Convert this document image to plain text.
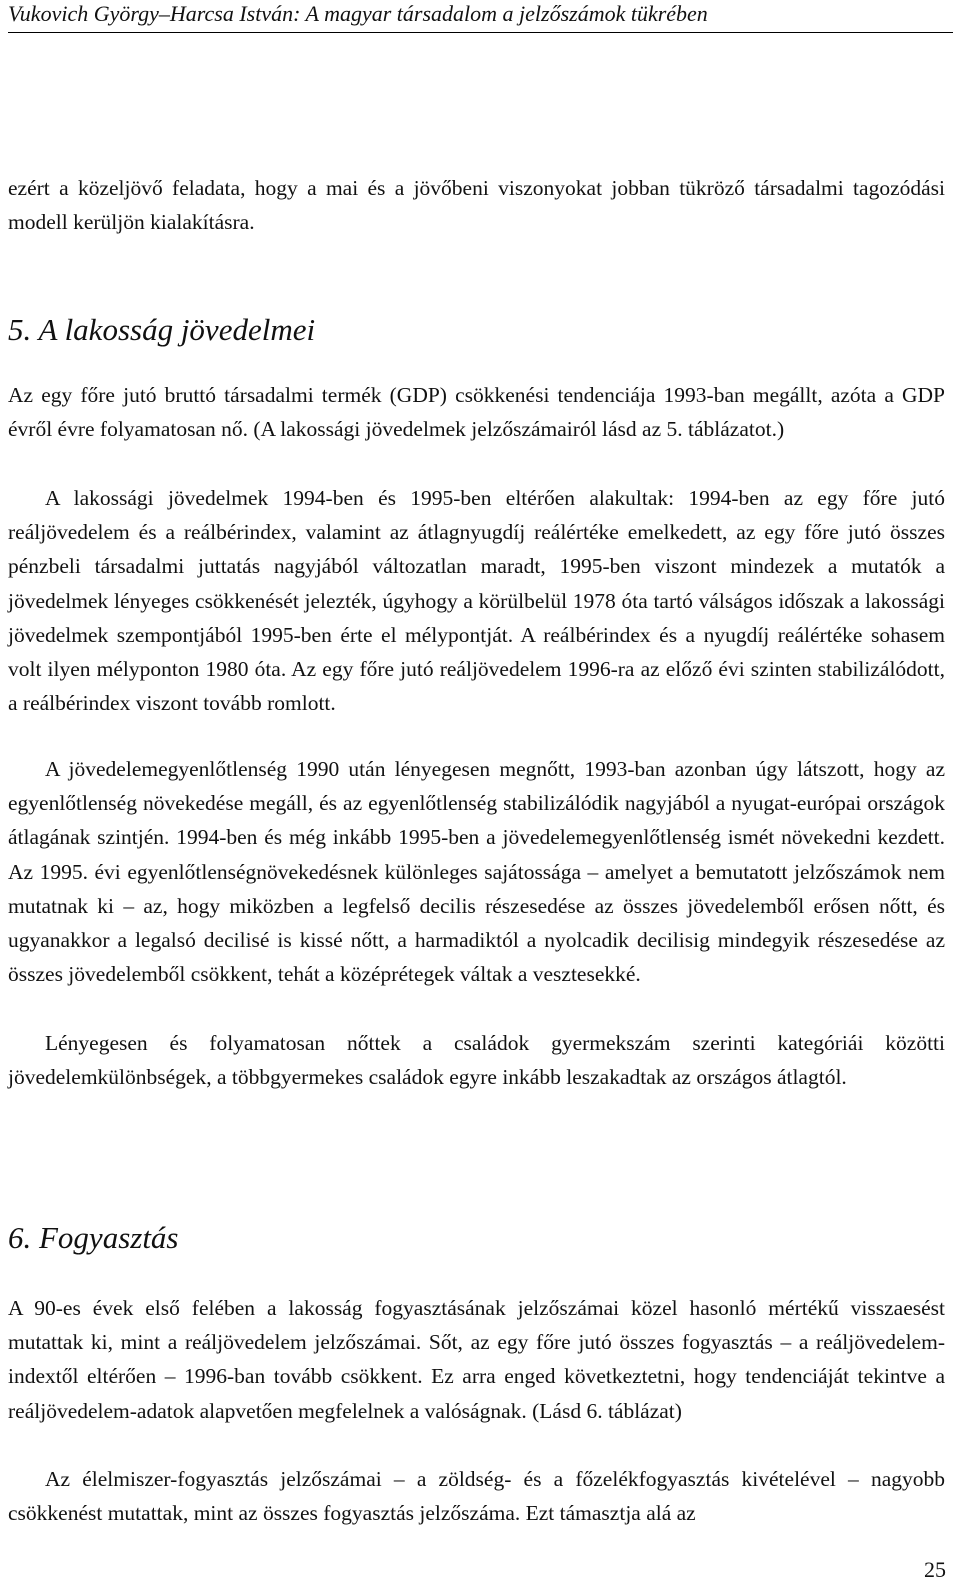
Vukovich György–Harcsa István: A magyar társadalom a jelzőszámok tükrében

ezért a közeljövő feladata, hogy a mai és a jövőbeni viszonyokat jobban tükröző társadalmi tagozódási modell kerüljön kialakításra.

5. A lakosság jövedelmei

Az egy főre jutó bruttó társadalmi termék (GDP) csökkenési tendenciája 1993-ban megállt, azóta a GDP évről évre folyamatosan nő. (A lakossági jövedelmek jelzőszámairól lásd az 5. táblázatot.)

A lakossági jövedelmek 1994-ben és 1995-ben eltérően alakultak: 1994-ben az egy főre jutó reáljövedelem és a reálbérindex, valamint az átlagnyugdíj reálértéke emelkedett, az egy főre jutó összes pénzbeli társadalmi juttatás nagyjából változatlan maradt, 1995-ben viszont mindezek a mutatók a jövedelmek lényeges csökkenését jelezték, úgyhogy a körülbelül 1978 óta tartó válságos időszak a lakossági jövedelmek szempontjából 1995-ben érte el mélypontját. A reálbérindex és a nyugdíj reálértéke sohasem volt ilyen mélyponton 1980 óta. Az egy főre jutó reáljövedelem 1996-ra az előző évi szinten stabilizálódott, a reálbérindex viszont tovább romlott.

A jövedelemegyenlőtlenség 1990 után lényegesen megnőtt, 1993-ban azonban úgy látszott, hogy az egyenlőtlenség növekedése megáll, és az egyenlőtlenség stabilizálódik nagyjából a nyugat-európai országok átlagának szintjén. 1994-ben és még inkább 1995-ben a jövedelemegyenlőtlenség ismét növekedni kezdett. Az 1995. évi egyenlőtlenségnövekedésnek különleges sajátossága – amelyet a bemutatott jelzőszámok nem mutatnak ki – az, hogy miközben a legfelső decilis részesedése az összes jövedelemből erősen nőtt, és ugyanakkor a legalsó decilisé is kissé nőtt, a harmadiktól a nyolcadik decilisig mindegyik részesedése az összes jövedelemből csökkent, tehát a középrétegek váltak a vesztesekké.

Lényegesen és folyamatosan nőttek a családok gyermekszám szerinti kategóriái közötti jövedelemkülönbségek, a többgyermekes családok egyre inkább leszakadtak az országos átlagtól.

6. Fogyasztás

A 90-es évek első felében a lakosság fogyasztásának jelzőszámai közel hasonló mértékű visszaesést mutattak ki, mint a reáljövedelem jelzőszámai. Sőt, az egy főre jutó összes fogyasztás – a reáljövedelem-indextől eltérően – 1996-ban tovább csökkent. Ez arra enged következtetni, hogy tendenciáját tekintve a reáljövedelem-adatok alapvetően megfelelnek a valóságnak. (Lásd 6. táblázat)

Az élelmiszer-fogyasztás jelzőszámai – a zöldség- és a főzelékfogyasztás kivételével – nagyobb csökkenést mutattak, mint az összes fogyasztás jelzőszáma. Ezt támasztja alá az

25
